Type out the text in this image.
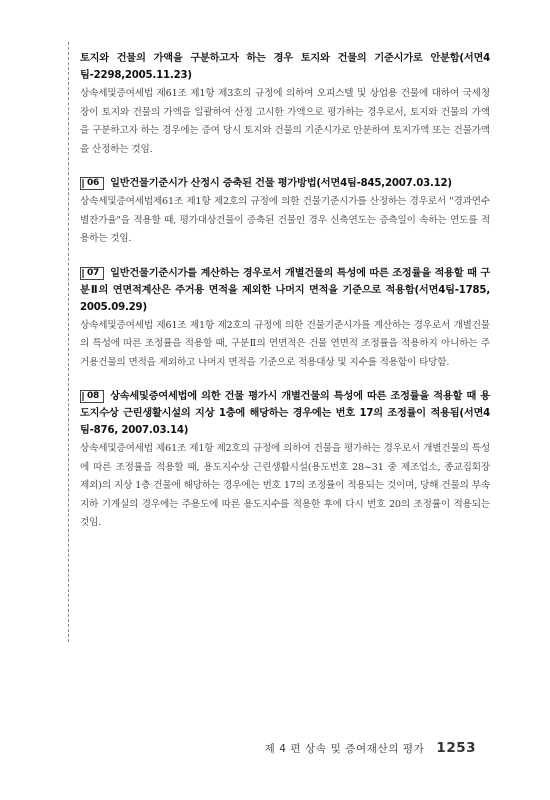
토지와 건물의 가액을 구분하고자 하는 경우 토지와 건물의 기준시가로 안분함(서면4팀-2298,2005.11.23)
상속세및증여세법 제61조 제1항 제3호의 규정에 의하여 오피스텔 및 상업용 건물에 대하여 국세청장이 토지와 건물의 가액을 일괄하여 산정 고시한 가액으로 평가하는 경우로서, 토지와 건물의 가액을 구분하고자 하는 경우에는 증여 당시 토지와 건물의 기준시가로 안분하여 토지가액 또는 건물가액을 산정하는 것임.
06 일반건물기준시가 산정시 증축된 건물 평가방법(서면4팀-845,2007.03.12)
상속세및증여세법제61조 제1항 제2호의 규정에 의한 건물기준시가를 산정하는 경우로서 "경과연수별잔가율"을 적용할 때, 평가대상건물이 증축된 건물인 경우 신축연도는 증축일이 속하는 연도를 적용하는 것임.
07 일반건물기준시가를 계산하는 경우로서 개별건물의 특성에 따른 조정률을 적용할 때 구분Ⅱ의 연면적계산은 주거용 면적을 제외한 나머지 면적을 기준으로 적용함(서면4팀-1785, 2005.09.29)
상속세및증여세법 제61조 제1항 제2호의 규정에 의한 건물기준시가를 계산하는 경우로서 개별건물의 특성에 따른 조정률을 적용할 때, 구분Ⅱ의 연면적은 건물 연면적 조정률을 적용하지 아니하는 주거용건물의 면적을 제외하고 나머지 면적을 기준으로 적용대상 및 지수를 적용함이 타당함.
08 상속세및증여세법에 의한 건물 평가시 개별건물의 특성에 따른 조정률을 적용할 때 용도지수상 근린생활시설의 지상 1층에 해당하는 경우에는 번호 17의 조정률이 적용됨(서면4팀-876, 2007.03.14)
상속세및증여세법 제61조 제1항 제2호의 규정에 의하여 건물을 평가하는 경우로서 개별건물의 특성에 따른 조정률을 적용할 때, 용도지수상 근린생활시설(용도번호 28~31 중 제조업소, 종교집회장 제외)의 지상 1층 건물에 해당하는 경우에는 번호 17의 조정률이 적용되는 것이며, 당해 건물의 부속 지하 기계실의 경우에는 주용도에 따른 용도지수를 적용한 후에 다시 번호 20의 조정률이 적용되는 것임.
제 4 편 상속 및 증여재산의 평가 1253
